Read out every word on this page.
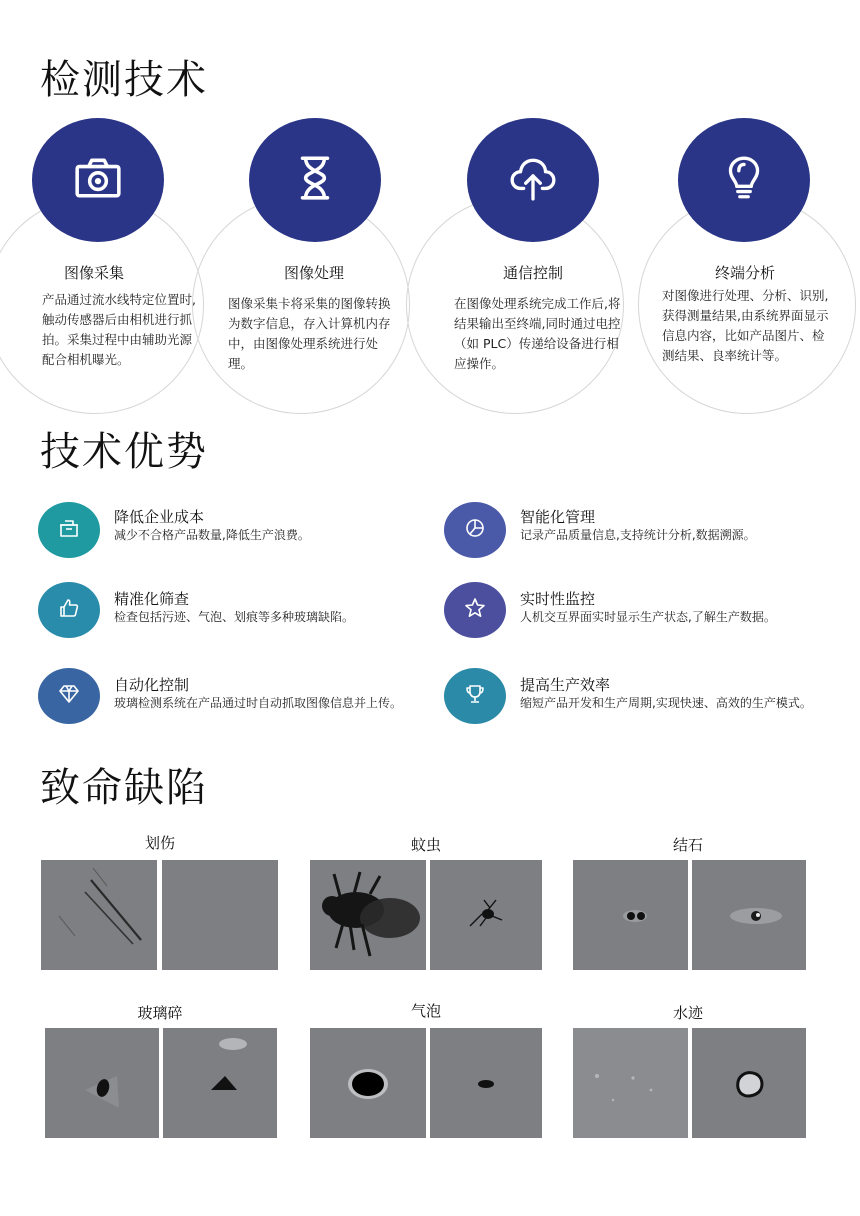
检测技术
图像采集
产品通过流水线特定位置时,触动传感器后由相机进行抓拍。采集过程中由辅助光源配合相机曝光。
图像处理
图像采集卡将采集的图像转换为数字信息，存入计算机内存中，由图像处理系统进行处理。
通信控制
在图像处理系统完成工作后,将结果输出至终端,同时通过电控（如 PLC）传递给设备进行相应操作。
终端分析
对图像进行处理、分析、识别,获得测量结果,由系统界面显示信息内容，比如产品图片、检测结果、良率统计等。
技术优势
降低企业成本
减少不合格产品数量,降低生产浪费。
精准化筛查
检查包括污迹、气泡、划痕等多种玻璃缺陷。
自动化控制
玻璃检测系统在产品通过时自动抓取图像信息并上传。
智能化管理
记录产品质量信息,支持统计分析,数据溯源。
实时性监控
人机交互界面实时显示生产状态,了解生产数据。
提高生产效率
缩短产品开发和生产周期,实现快速、高效的生产模式。
致命缺陷
划伤	蚊虫	结石
玻璃碎	气泡	水迹
